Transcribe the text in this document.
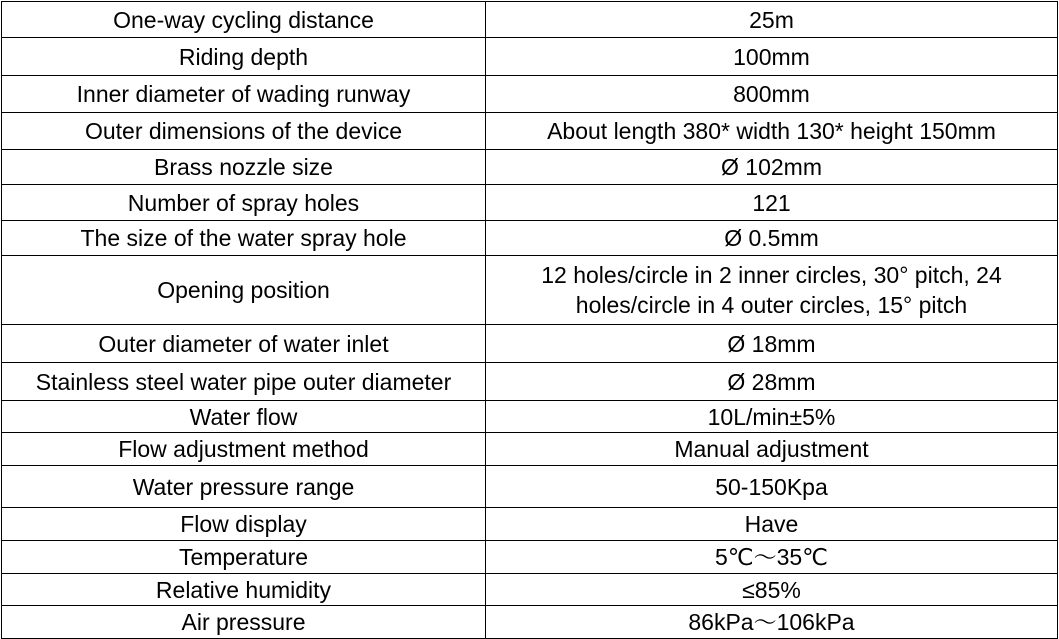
One-way cycling distance	25m
Riding depth	100mm
Inner diameter of wading runway	800mm
Outer dimensions of the device	About length 380* width 130* height 150mm
Brass nozzle size	Ø 102mm
Number of spray holes	121
The size of the water spray hole	Ø 0.5mm
Opening position	12 holes/circle in 2 inner circles, 30° pitch, 24
holes/circle in 4 outer circles, 15° pitch

Outer diameter of water inlet	Ø 18mm
Stainless steel water pipe outer diameter	Ø 28mm
Water flow	10L/min±5%
Flow adjustment method	Manual adjustment
Water pressure range	50-150Kpa
Flow display	Have
Temperature	5℃～35℃
Relative humidity	≤85%
Air pressure	86kPa～106kPa
